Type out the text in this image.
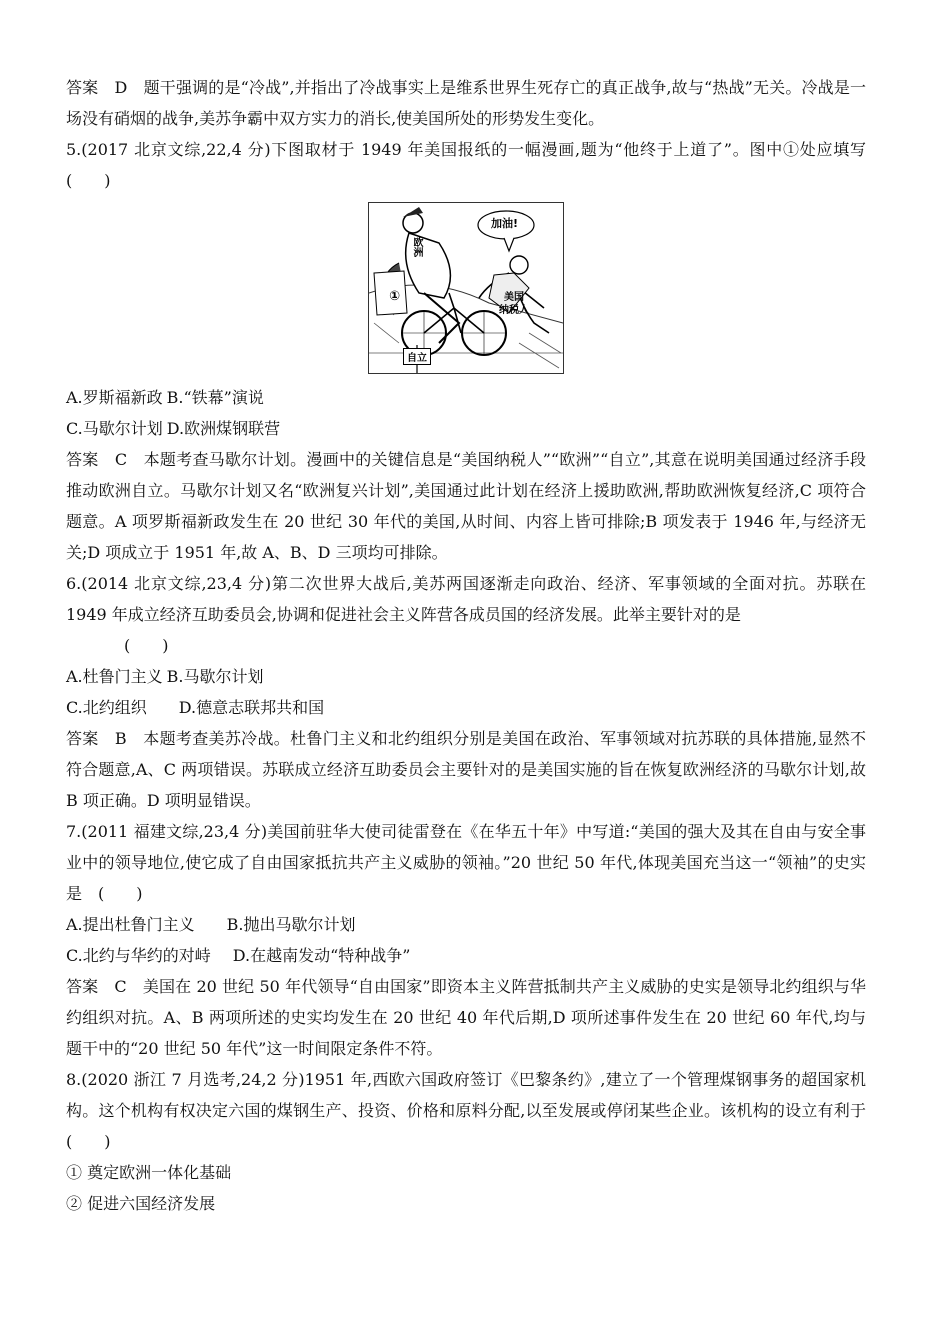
答案　D　题干强调的是“冷战”,并指出了冷战事实上是维系世界生死存亡的真正战争,故与“热战”无关。冷战是一场没有硝烟的战争,美苏争霸中双方实力的消长,使美国所处的形势发生变化。

5.(2017 北京文综,22,4 分)下图取材于 1949 年美国报纸的一幅漫画,题为“他终于上道了”。图中①处应填写　(　　)

加油!
欧洲
美国
纳税人
①
自立
A.罗斯福新政 B.“铁幕”演说
C.马歇尔计划 D.欧洲煤钢联营

答案　C　本题考查马歇尔计划。漫画中的关键信息是“美国纳税人”“欧洲”“自立”,其意在说明美国通过经济手段推动欧洲自立。马歇尔计划又名“欧洲复兴计划”,美国通过此计划在经济上援助欧洲,帮助欧洲恢复经济,C 项符合题意。A 项罗斯福新政发生在 20 世纪 30 年代的美国,从时间、内容上皆可排除;B 项发表于 1946 年,与经济无关;D 项成立于 1951 年,故 A、B、D 三项均可排除。

6.(2014 北京文综,23,4 分)第二次世界大战后,美苏两国逐渐走向政治、经济、军事领域的全面对抗。苏联在 1949 年成立经济互助委员会,协调和促进社会主义阵营各成员国的经济发展。此举主要针对的是

(　　)

A.杜鲁门主义 B.马歇尔计划
C.北约组织 D.德意志联邦共和国

答案　B　本题考查美苏冷战。杜鲁门主义和北约组织分别是美国在政治、军事领域对抗苏联的具体措施,显然不符合题意,A、C 两项错误。苏联成立经济互助委员会主要针对的是美国实施的旨在恢复欧洲经济的马歇尔计划,故 B 项正确。D 项明显错误。

7.(2011 福建文综,23,4 分)美国前驻华大使司徒雷登在《在华五十年》中写道:“美国的强大及其在自由与安全事业中的领导地位,使它成了自由国家抵抗共产主义威胁的领袖。”20 世纪 50 年代,体现美国充当这一“领袖”的史实是　(　　)

A.提出杜鲁门主义 B.抛出马歇尔计划
C.北约与华约的对峙 D.在越南发动“特种战争”

答案　C　美国在 20 世纪 50 年代领导“自由国家”即资本主义阵营抵制共产主义威胁的史实是领导北约组织与华约组织对抗。A、B 两项所述的史实均发生在 20 世纪 40 年代后期,D 项所述事件发生在 20 世纪 60 年代,均与题干中的“20 世纪 50 年代”这一时间限定条件不符。

8.(2020 浙江 7 月选考,24,2 分)1951 年,西欧六国政府签订《巴黎条约》,建立了一个管理煤钢事务的超国家机构。这个机构有权决定六国的煤钢生产、投资、价格和原料分配,以至发展或停闭某些企业。该机构的设立有利于　(　　)

① 奠定欧洲一体化基础

② 促进六国经济发展
